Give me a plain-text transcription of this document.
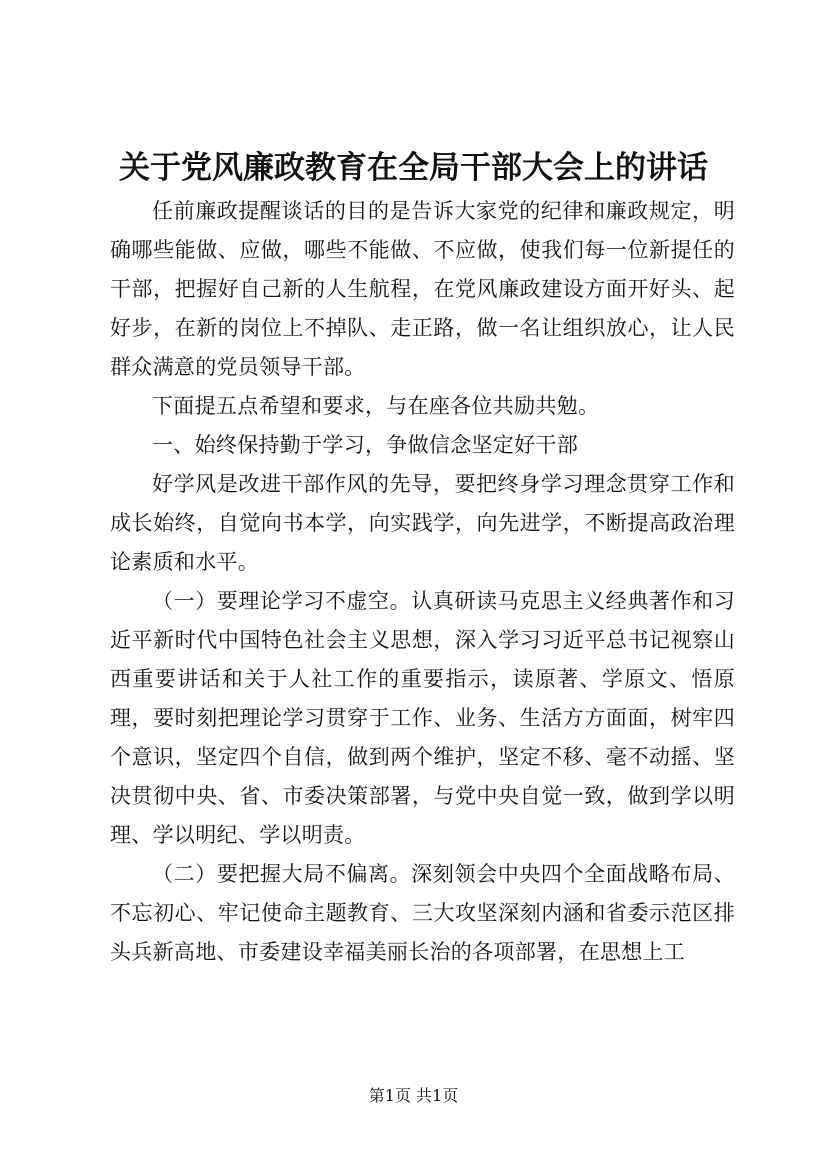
关于党风廉政教育在全局干部大会上的讲话

任前廉政提醒谈话的目的是告诉大家党的纪律和廉政规定，明确哪些能做、应做，哪些不能做、不应做，使我们每一位新提任的干部，把握好自己新的人生航程，在党风廉政建设方面开好头、起好步，在新的岗位上不掉队、走正路，做一名让组织放心，让人民群众满意的党员领导干部。

下面提五点希望和要求，与在座各位共励共勉。

一、始终保持勤于学习，争做信念坚定好干部

好学风是改进干部作风的先导，要把终身学习理念贯穿工作和成长始终，自觉向书本学，向实践学，向先进学，不断提高政治理论素质和水平。

（一）要理论学习不虚空。认真研读马克思主义经典著作和习近平新时代中国特色社会主义思想，深入学习习近平总书记视察山西重要讲话和关于人社工作的重要指示，读原著、学原文、悟原理，要时刻把理论学习贯穿于工作、业务、生活方方面面，树牢四个意识，坚定四个自信，做到两个维护，坚定不移、毫不动摇、坚决贯彻中央、省、市委决策部署，与党中央自觉一致，做到学以明理、学以明纪、学以明责。

（二）要把握大局不偏离。深刻领会中央四个全面战略布局、不忘初心、牢记使命主题教育、三大攻坚深刻内涵和省委示范区排头兵新高地、市委建设幸福美丽长治的各项部署，在思想上工

第1页 共1页
